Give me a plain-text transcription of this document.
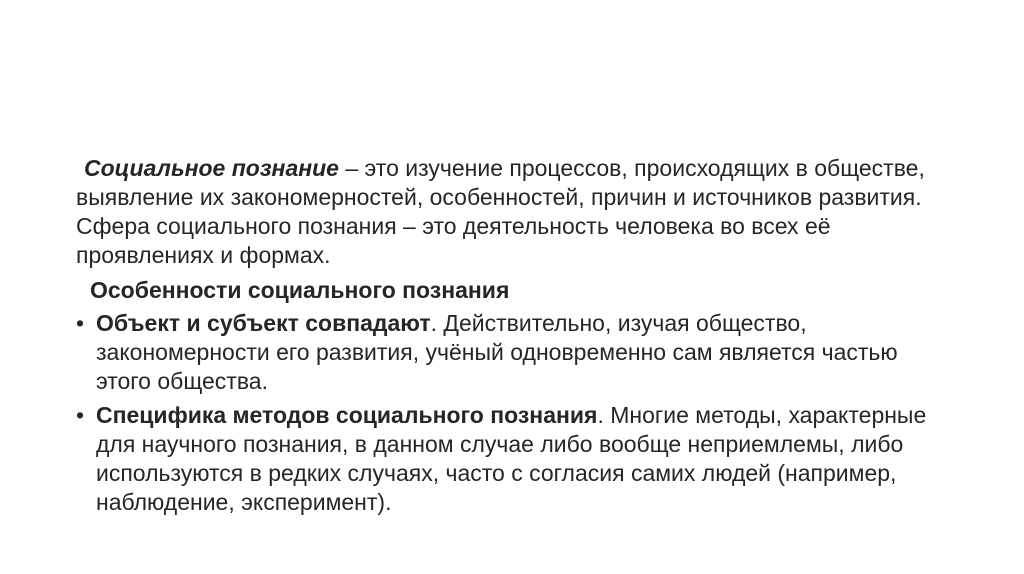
Социальное познание – это изучение процессов, происходящих в обществе, выявление их закономерностей, особенностей, причин и источников развития. Сфера социального познания – это деятельность человека во всех её проявлениях и формах.

Особенности социального познания

• Объект и субъект совпадают. Действительно, изучая общество, закономерности его развития, учёный одновременно сам является частью этого общества.
• Специфика методов социального познания. Многие методы, характерные для научного познания, в данном случае либо вообще неприемлемы, либо используются в редких случаях, часто с согласия самих людей (например, наблюдение, эксперимент).
